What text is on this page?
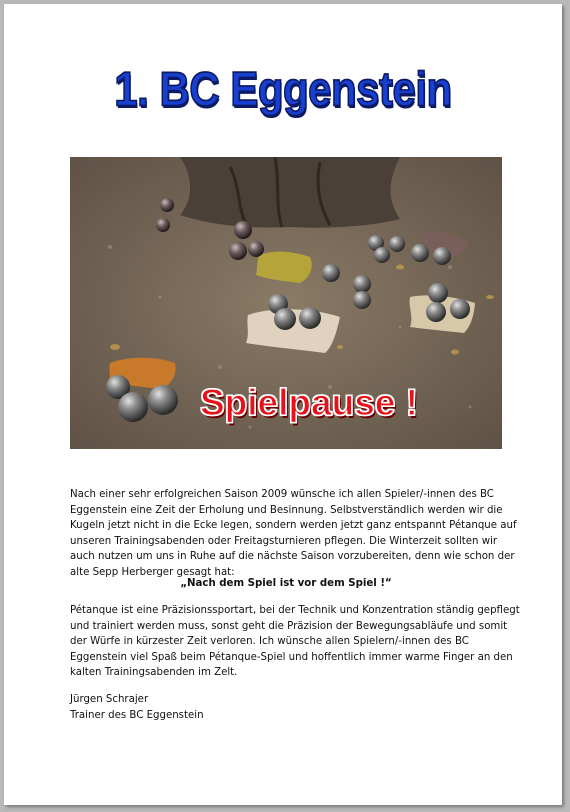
1. BC Eggenstein
Spielpause !
Nach einer sehr erfolgreichen Saison 2009 wünsche ich allen Spieler/-innen des BC Eggenstein eine Zeit der Erholung und Besinnung. Selbstverständlich werden wir die Kugeln jetzt nicht in die Ecke legen, sondern werden jetzt ganz entspannt Pétanque auf unseren Trainingsabenden oder Freitagsturnieren pflegen. Die Winterzeit sollten wir auch nutzen um uns in Ruhe auf die nächste Saison vorzubereiten, denn wie schon der alte Sepp Herberger gesagt hat:
„Nach dem Spiel ist vor dem Spiel !“
Pétanque ist eine Präzisionssportart, bei der Technik und Konzentration ständig gepflegt und trainiert werden muss, sonst geht die Präzision der Bewegungsabläufe und somit der Würfe in kürzester Zeit verloren. Ich wünsche allen Spielern/-innen des BC Eggenstein viel Spaß beim Pétanque-Spiel und hoffentlich immer warme Finger an den kalten Trainingsabenden im Zelt.
Jürgen Schrajer
Trainer des BC Eggenstein
